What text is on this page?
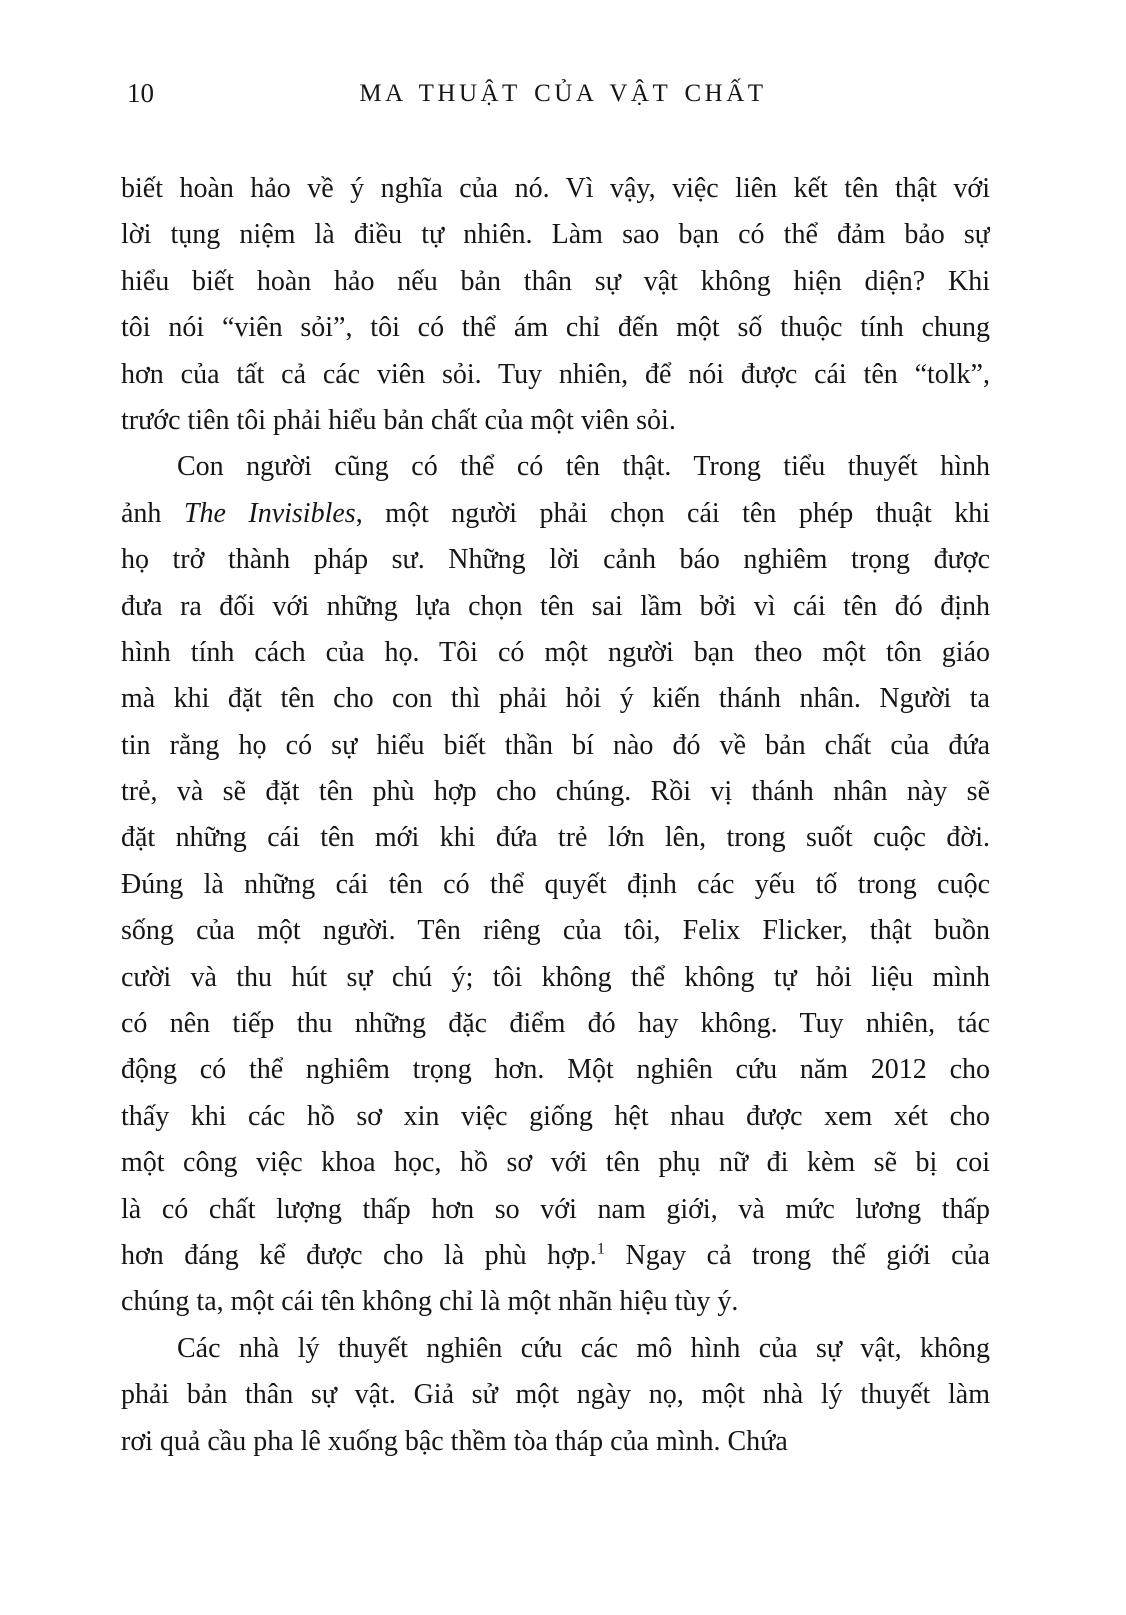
10	MA THUẬT CỦA VẬT CHẤT
biết hoàn hảo về ý nghĩa của nó. Vì vậy, việc liên kết tên thật với
lời tụng niệm là điều tự nhiên. Làm sao bạn có thể đảm bảo sự
hiểu biết hoàn hảo nếu bản thân sự vật không hiện diện? Khi
tôi nói “viên sỏi”, tôi có thể ám chỉ đến một số thuộc tính chung
hơn của tất cả các viên sỏi. Tuy nhiên, để nói được cái tên “tolk”,
trước tiên tôi phải hiểu bản chất của một viên sỏi.
Con người cũng có thể có tên thật. Trong tiểu thuyết hình
ảnh The Invisibles, một người phải chọn cái tên phép thuật khi
họ trở thành pháp sư. Những lời cảnh báo nghiêm trọng được
đưa ra đối với những lựa chọn tên sai lầm bởi vì cái tên đó định
hình tính cách của họ. Tôi có một người bạn theo một tôn giáo
mà khi đặt tên cho con thì phải hỏi ý kiến thánh nhân. Người ta
tin rằng họ có sự hiểu biết thần bí nào đó về bản chất của đứa
trẻ, và sẽ đặt tên phù hợp cho chúng. Rồi vị thánh nhân này sẽ
đặt những cái tên mới khi đứa trẻ lớn lên, trong suốt cuộc đời.
Đúng là những cái tên có thể quyết định các yếu tố trong cuộc
sống của một người. Tên riêng của tôi, Felix Flicker, thật buồn
cười và thu hút sự chú ý; tôi không thể không tự hỏi liệu mình
có nên tiếp thu những đặc điểm đó hay không. Tuy nhiên, tác
động có thể nghiêm trọng hơn. Một nghiên cứu năm 2012 cho
thấy khi các hồ sơ xin việc giống hệt nhau được xem xét cho
một công việc khoa học, hồ sơ với tên phụ nữ đi kèm sẽ bị coi
là có chất lượng thấp hơn so với nam giới, và mức lương thấp
hơn đáng kể được cho là phù hợp.$^1$ Ngay cả trong thế giới của
chúng ta, một cái tên không chỉ là một nhãn hiệu tùy ý.
Các nhà lý thuyết nghiên cứu các mô hình của sự vật, không
phải bản thân sự vật. Giả sử một ngày nọ, một nhà lý thuyết làm
rơi quả cầu pha lê xuống bậc thềm tòa tháp của mình. Chứa
